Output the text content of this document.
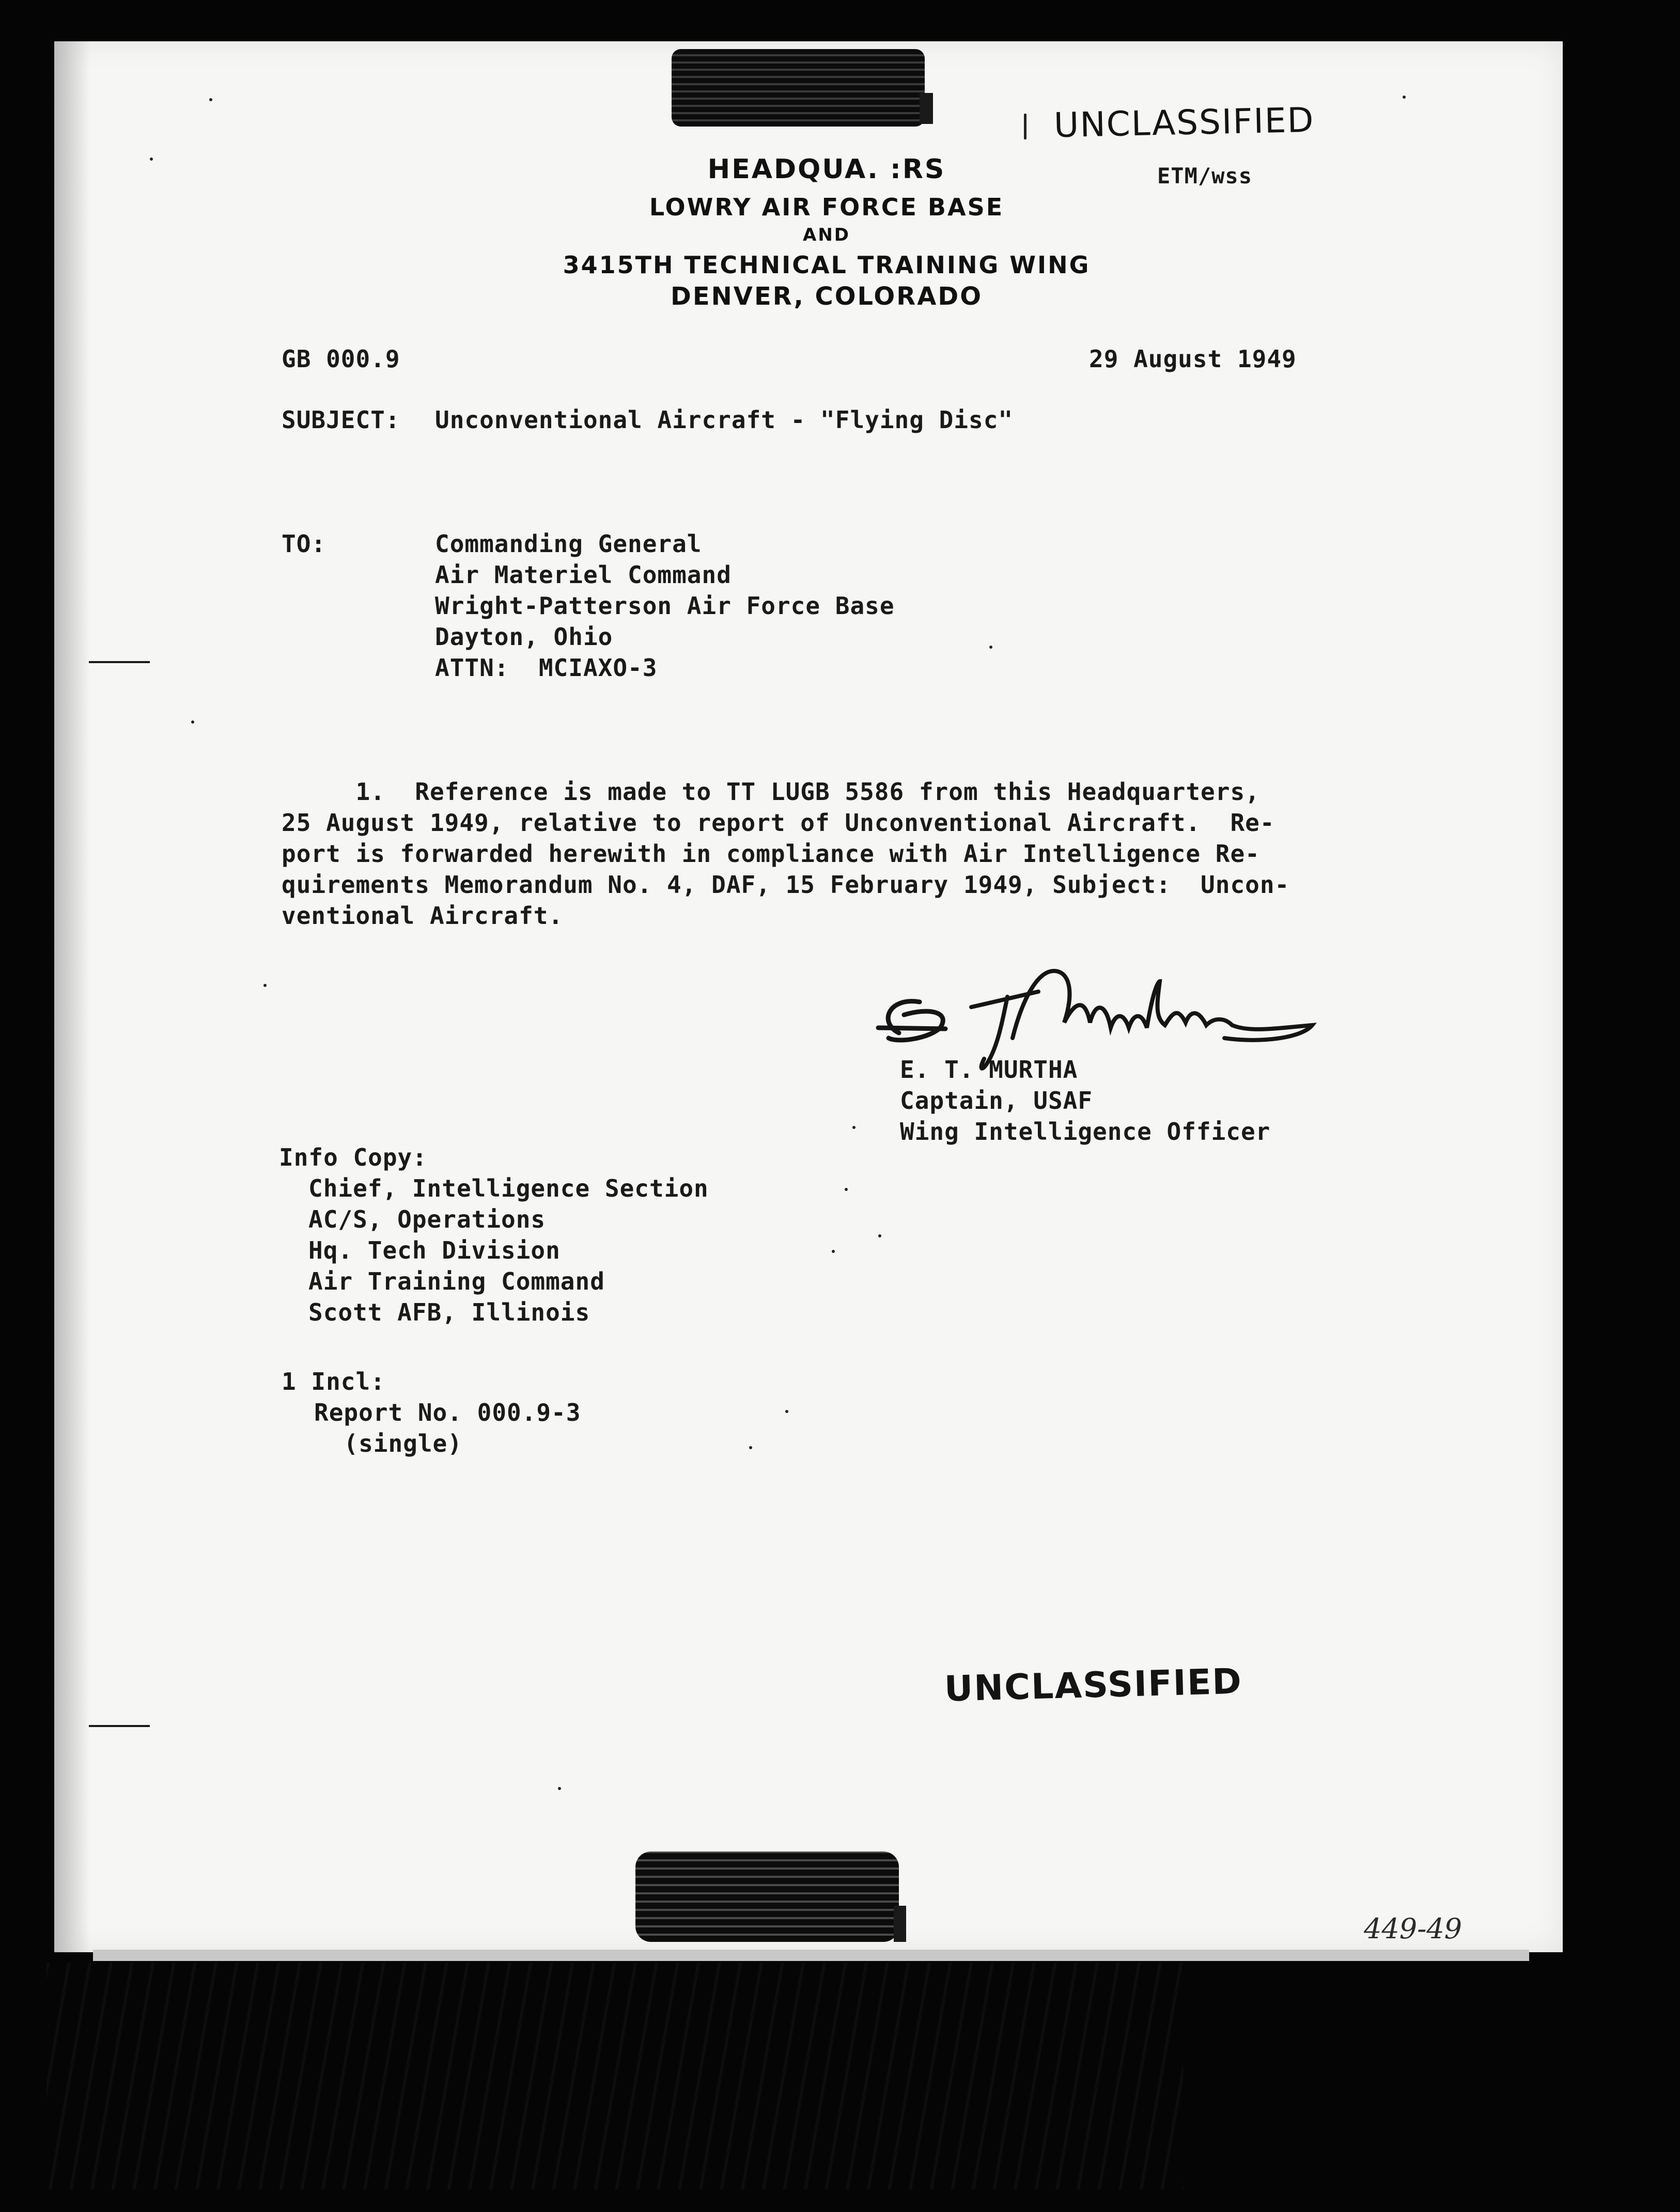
UNCLASSIFIED
ETM/wss
HEADQUA. :RS
LOWRY AIR FORCE BASE
AND
3415TH TECHNICAL TRAINING WING
DENVER, COLORADO
GB 000.9	29 August 1949
SUBJECT: Unconventional Aircraft - "Flying Disc"
TO:	Commanding General
Air Materiel Command
Wright-Patterson Air Force Base
Dayton, Ohio
ATTN:  MCIAXO-3
1.  Reference is made to TT LUGB 5586 from this Headquarters,
25 August 1949, relative to report of Unconventional Aircraft.  Re-
port is forwarded herewith in compliance with Air Intelligence Re-
quirements Memorandum No. 4, DAF, 15 February 1949, Subject:  Uncon-
ventional Aircraft.
E. T. MURTHA
Captain, USAF
Wing Intelligence Officer
Info Copy:
Chief, Intelligence Section
AC/S, Operations
Hq. Tech Division
Air Training Command
Scott AFB, Illinois
1 Incl:
Report No. 000.9-3
(single)
UNCLASSIFIED
449-49
